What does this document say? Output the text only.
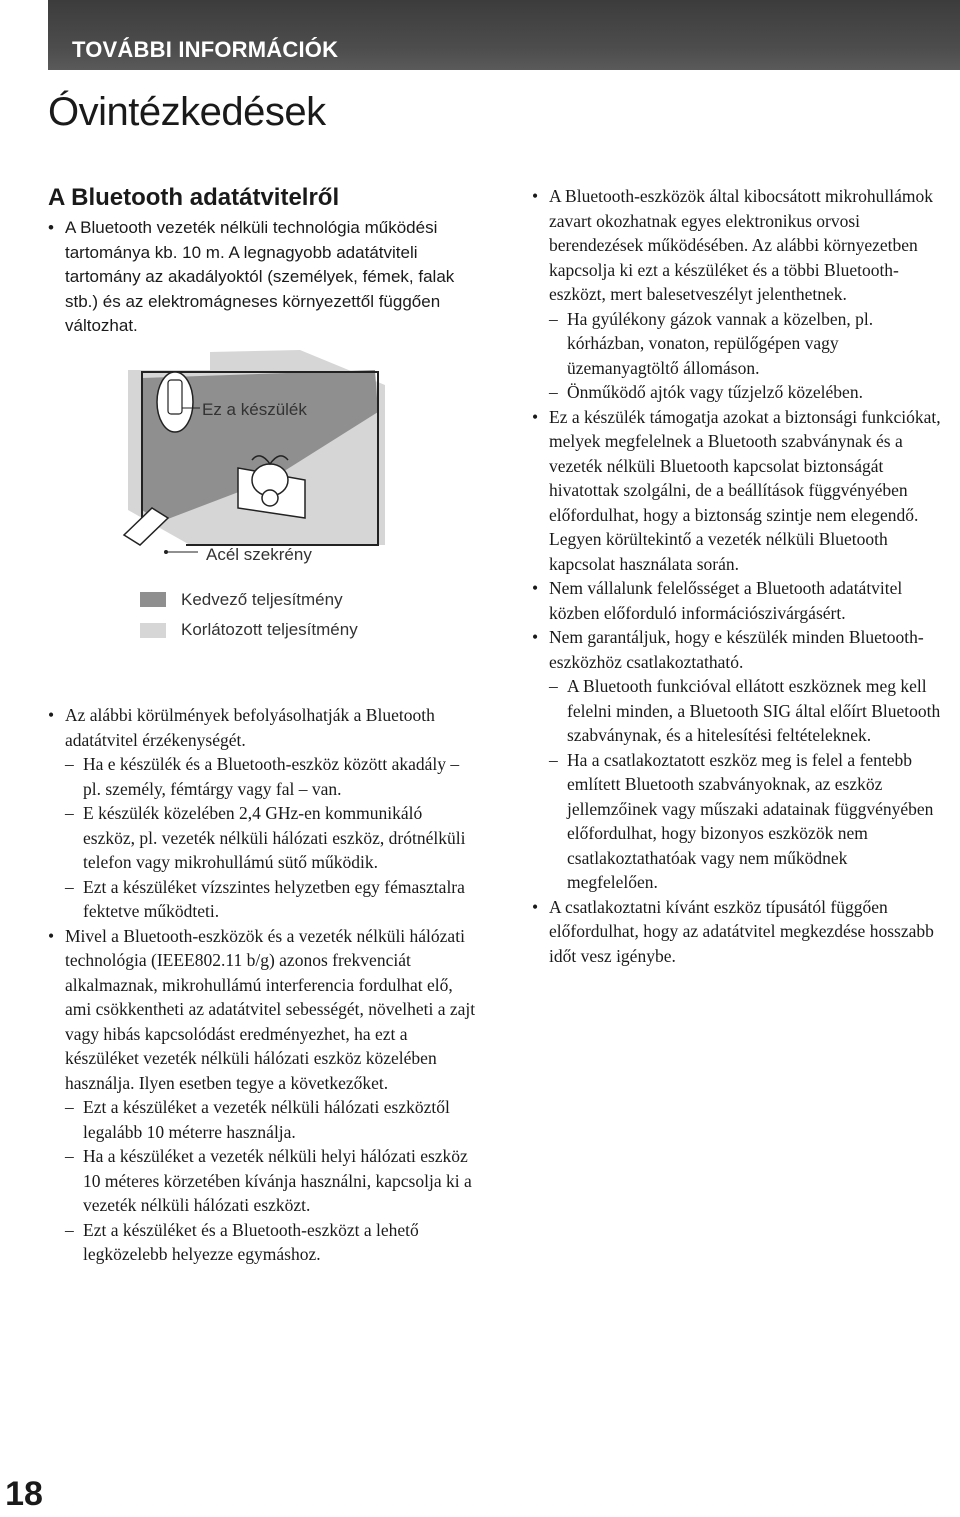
TOVÁBBI INFORMÁCIÓK
Óvintézkedések
A Bluetooth adatátvitelről

• A Bluetooth vezeték nélküli technológia működési tartománya kb. 10 m. A legnagyobb adatátviteli tartomány az akadályoktól (személyek, fémek, falak stb.) és az elektromágneses környezettől függően változhat.

Ez a készülék
Acél szekrény
Kedvező teljesítmény
Korlátozott teljesítmény

• Az alábbi körülmények befolyásolhatják a Bluetooth adatátvitel érzékenységét.

– Ha e készülék és a Bluetooth-eszköz között akadály – pl. személy, fémtárgy vagy fal – van.

– E készülék közelében 2,4 GHz-en kommunikáló eszköz, pl. vezeték nélküli hálózati eszköz, drótnélküli telefon vagy mikrohullámú sütő működik.

– Ezt a készüléket vízszintes helyzetben egy fémasztalra fektetve működteti.

• Mivel a Bluetooth-eszközök és a vezeték nélküli hálózati technológia (IEEE802.11 b/g) azonos frekvenciát alkalmaznak, mikrohullámú interferencia fordulhat elő, ami csökkentheti az adatátvitel sebességét, növelheti a zajt vagy hibás kapcsolódást eredményezhet, ha ezt a készüléket vezeték nélküli hálózati eszköz közelében használja. Ilyen esetben tegye a következőket.

– Ezt a készüléket a vezeték nélküli hálózati eszköztől legalább 10 méterre használja.

– Ha a készüléket a vezeték nélküli helyi hálózati eszköz 10 méteres körzetében kívánja használni, kapcsolja ki a vezeték nélküli hálózati eszközt.

– Ezt a készüléket és a Bluetooth-eszközt a lehető legközelebb helyezze egymáshoz.

• A Bluetooth-eszközök által kibocsátott mikrohullámok zavart okozhatnak egyes elektronikus orvosi berendezések működésében. Az alábbi környezetben kapcsolja ki ezt a készüléket és a többi Bluetooth-eszközt, mert balesetveszélyt jelenthetnek.

– Ha gyúlékony gázok vannak a közelben, pl. kórházban, vonaton, repülőgépen vagy üzemanyagtöltő állomáson.

– Önműködő ajtók vagy tűzjelző közelében.

• Ez a készülék támogatja azokat a biztonsági funkciókat, melyek megfelelnek a Bluetooth szabványnak és a vezeték nélküli Bluetooth kapcsolat biztonságát hivatottak szolgálni, de a beállítások függvényében előfordulhat, hogy a biztonság szintje nem elegendő. Legyen körültekintő a vezeték nélküli Bluetooth kapcsolat használata során.

• Nem vállalunk felelősséget a Bluetooth adatátvitel közben előforduló információszivárgásért.

• Nem garantáljuk, hogy e készülék minden Bluetooth-eszközhöz csatlakoztatható.

– A Bluetooth funkcióval ellátott eszköznek meg kell felelni minden, a Bluetooth SIG által előírt Bluetooth szabványnak, és a hitelesítési feltételeknek.

– Ha a csatlakoztatott eszköz meg is felel a fentebb említett Bluetooth szabványoknak, az eszköz jellemzőinek vagy műszaki adatainak függvényében előfordulhat, hogy bizonyos eszközök nem csatlakoztathatóak vagy nem működnek megfelelően.

• A csatlakoztatni kívánt eszköz típusától függően előfordulhat, hogy az adatátvitel megkezdése hosszabb időt vesz igénybe.

18
